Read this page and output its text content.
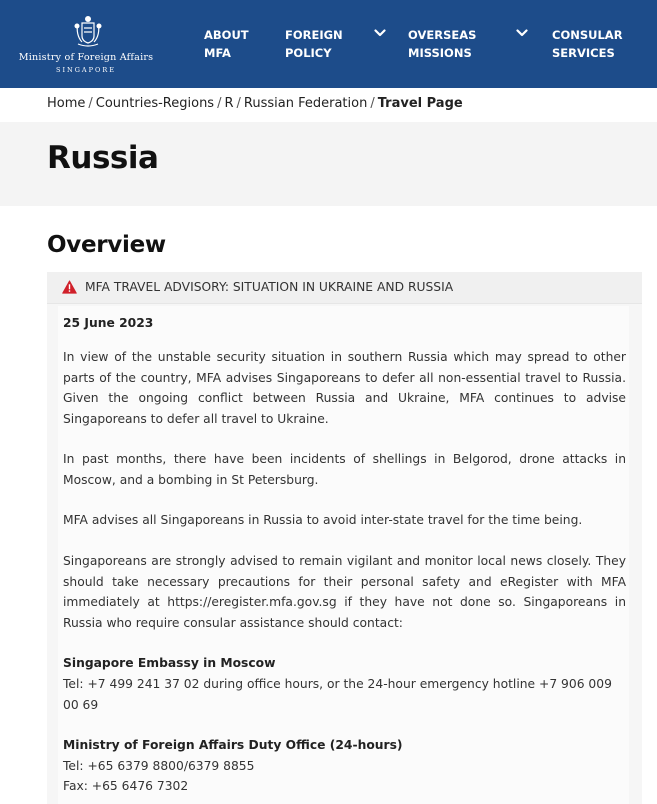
Ministry of Foreign Affairs
SINGAPORE
ABOUT MFA
FOREIGN POLICY
OVERSEAS MISSIONS
CONSULAR SERVICES
Home / Countries-Regions / R / Russian Federation / Travel Page
Russia
Overview
MFA TRAVEL ADVISORY: SITUATION IN UKRAINE AND RUSSIA
25 June 2023

In view of the unstable security situation in southern Russia which may spread to other parts of the country, MFA advises Singaporeans to defer all non-essential travel to Russia. Given the ongoing conflict between Russia and Ukraine, MFA continues to advise Singaporeans to defer all travel to Ukraine.

In past months, there have been incidents of shellings in Belgorod, drone attacks in Moscow, and a bombing in St Petersburg.

MFA advises all Singaporeans in Russia to avoid inter-state travel for the time being.

Singaporeans are strongly advised to remain vigilant and monitor local news closely. They should take necessary precautions for their personal safety and eRegister with MFA immediately at https://eregister.mfa.gov.sg if they have not done so. Singaporeans in Russia who require consular assistance should contact:

Singapore Embassy in Moscow
Tel: +7 499 241 37 02 during office hours, or the 24-hour emergency hotline +7 906 009 00 69
Ministry of Foreign Affairs Duty Office (24-hours)
Tel: +65 6379 8800/6379 8855
Fax: +65 6476 7302
